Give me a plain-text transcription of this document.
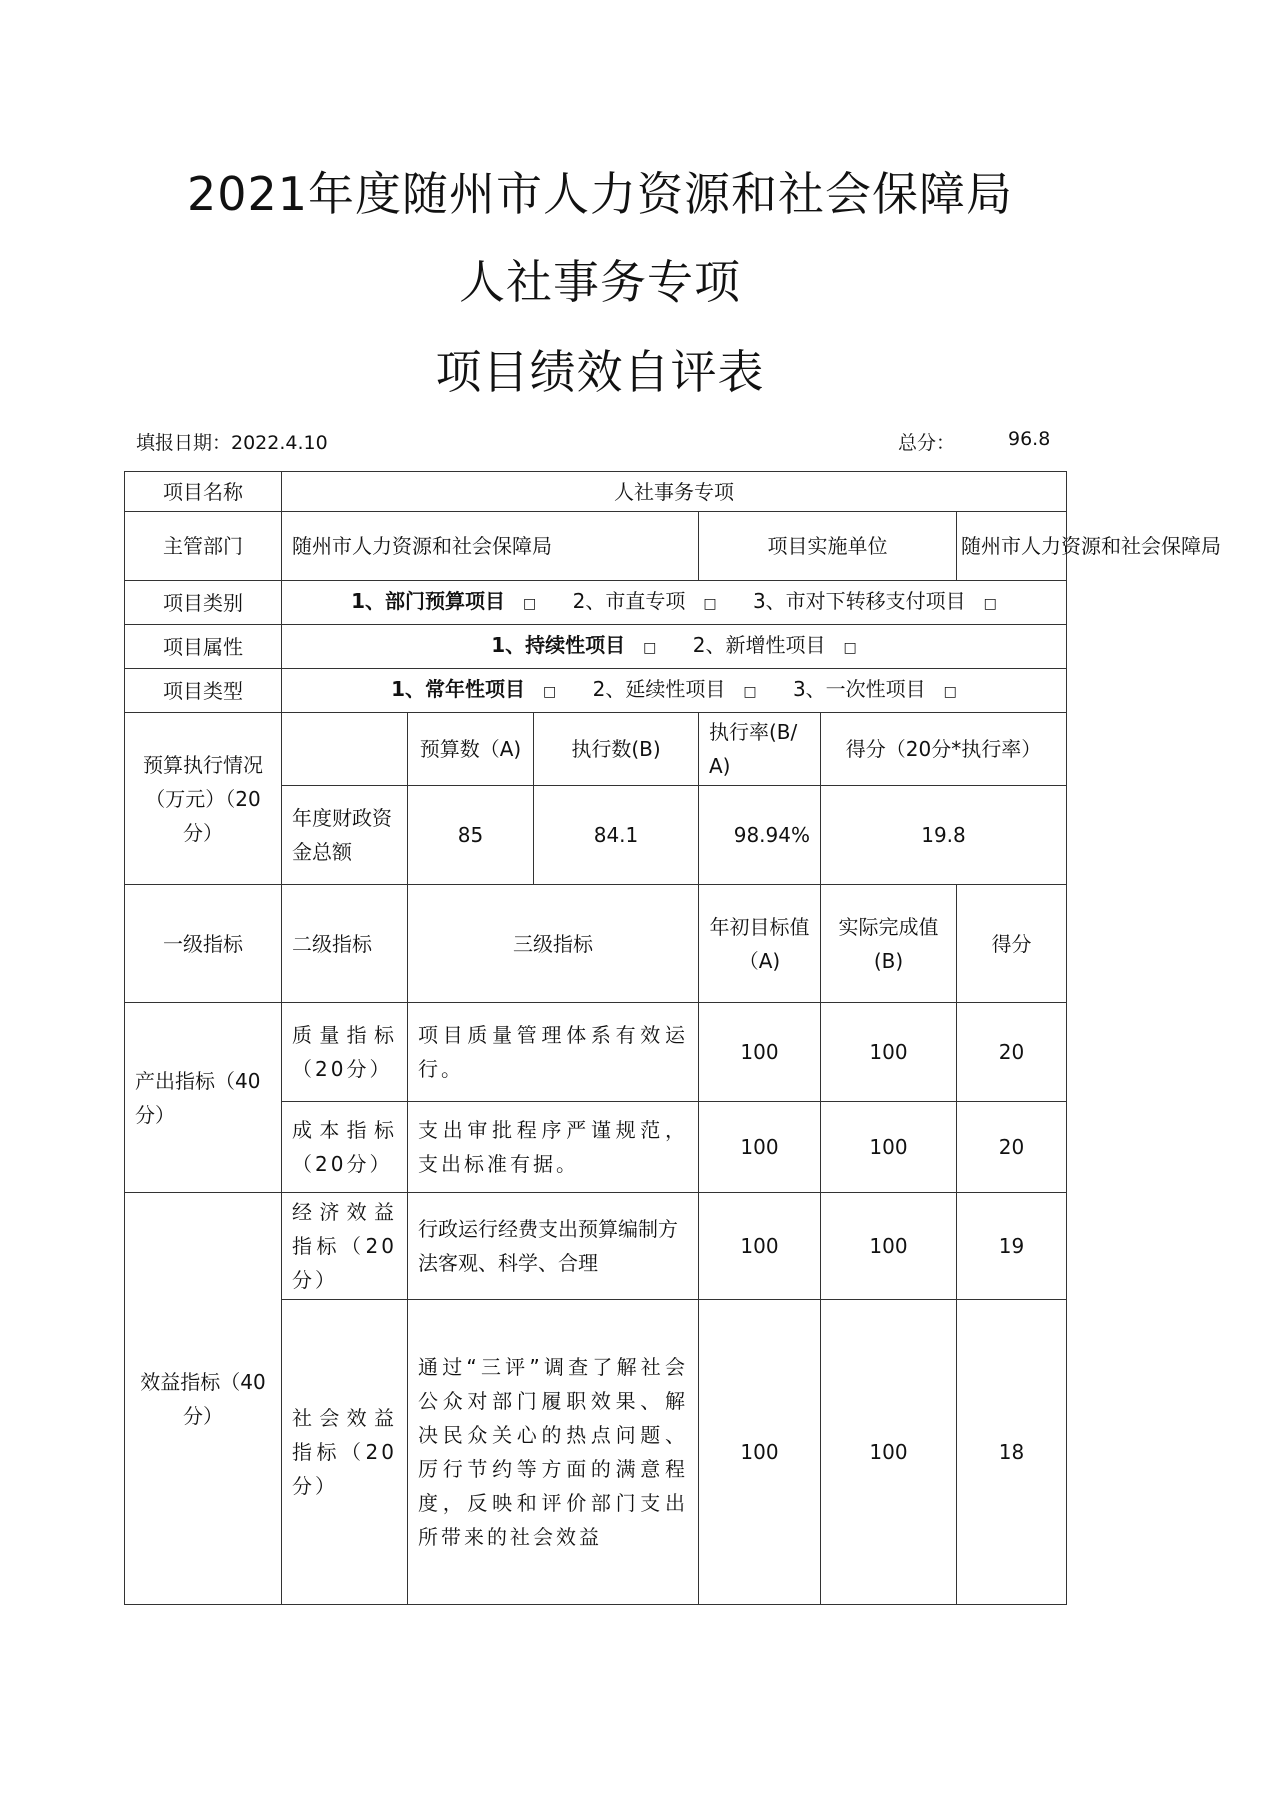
2021年度随州市人力资源和社会保障局
人社事务专项
项目绩效自评表
填报日期：2022.4.10	总分：	96.8
项目名称	人社事务专项					
主管部门	随州市人力资源和社会保障局			项目实施单位		随州市人力资源和社会保障局
项目类别	1、部门预算项目 □ 2、市直专项 □ 3、市对下转移支付项目 □					
项目属性	1、持续性项目 □ 2、新增性项目 □					
项目类型	1、常年性项目 □ 2、延续性项目 □ 3、一次性项目 □					
预算执行情况（万元）（20分）		预算数（A)	执行数(B)	执行率(B/A)	得分（20分*执行率）	
	年度财政资金总额	85	84.1	98.94%	19.8	
一级指标	二级指标	三级指标		年初目标值（A)	实际完成值(B)	得分
产出指标（40分）	质量指标（20分）	项目质量管理体系有效运行。		100	100	20
	成本指标（20分）	支出审批程序严谨规范，支出标准有据。		100	100	20
效益指标（40分）	经济效益指标（20分）	行政运行经费支出预算编制方法客观、科学、合理		100	100	19
	社会效益指标（20分）	通过“三评”调查了解社会公众对部门履职效果、解决民众关心的热点问题、厉行节约等方面的满意程度，反映和评价部门支出所带来的社会效益		100	100	18
